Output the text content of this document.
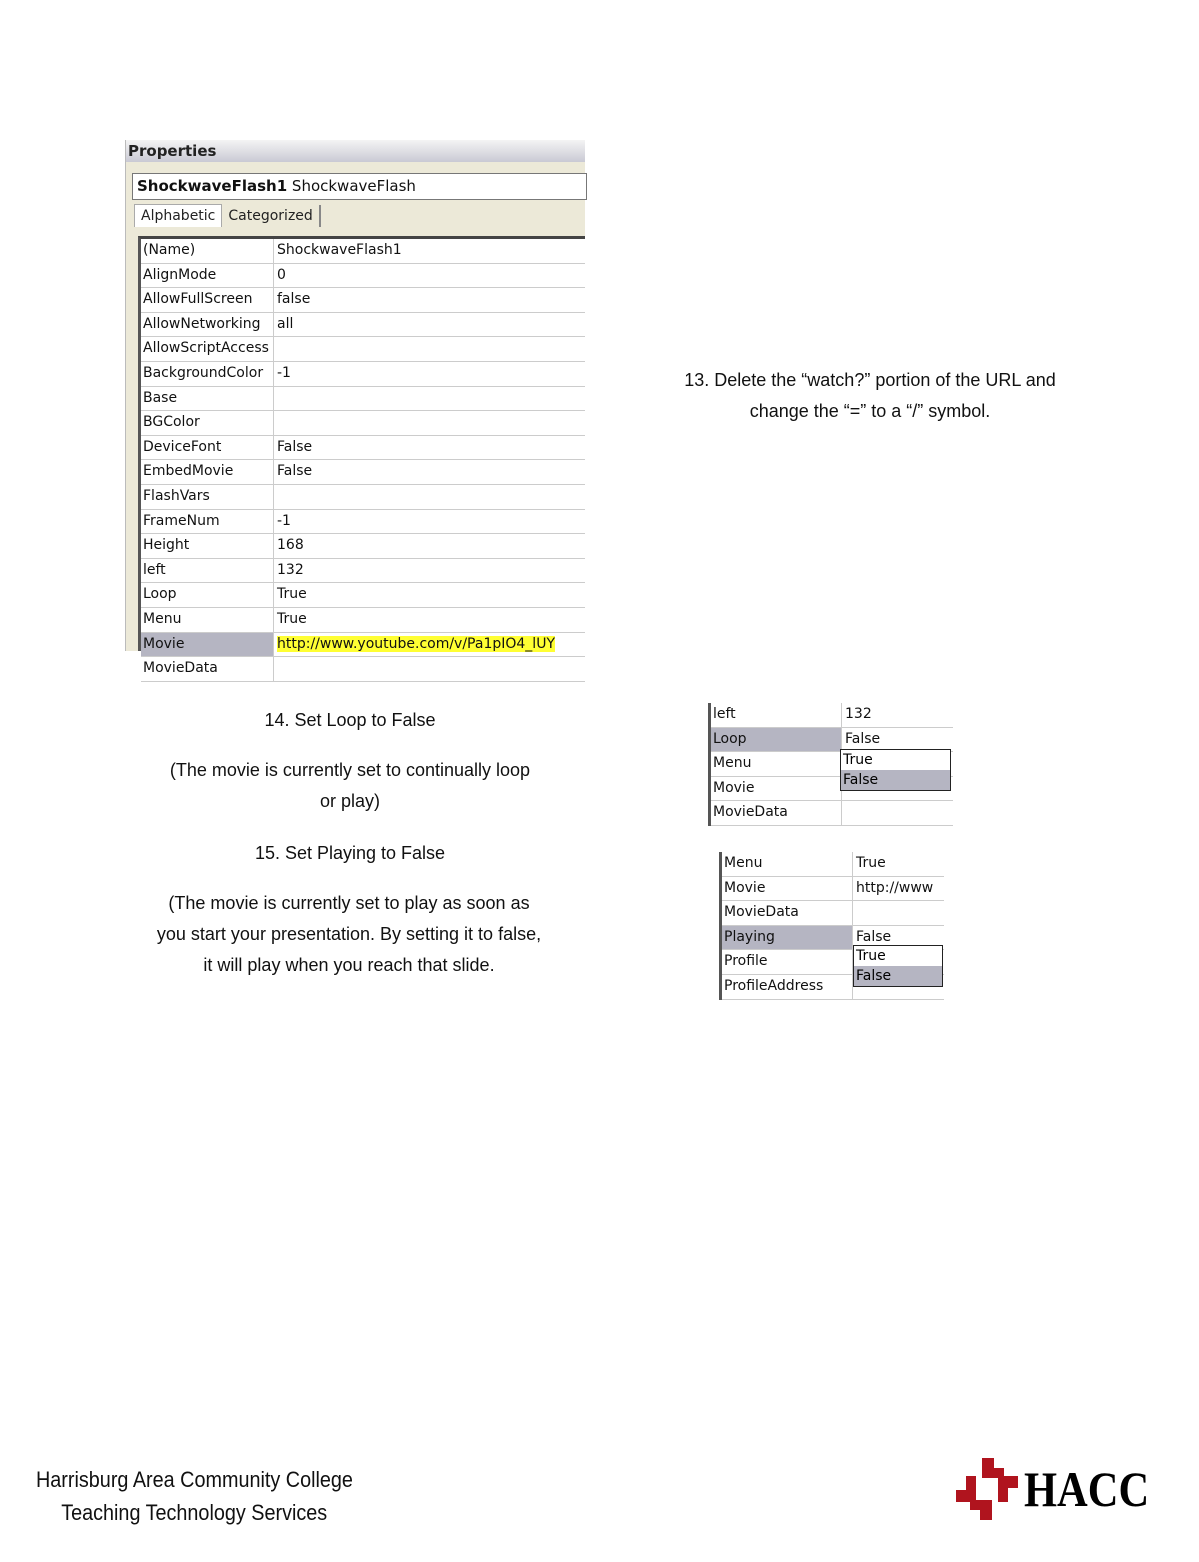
Properties
ShockwaveFlash1 ShockwaveFlash
Alphabetic Categorized
(Name)	ShockwaveFlash1
AlignMode	0
AllowFullScreen	false
AllowNetworking	all
AllowScriptAccess
BackgroundColor -1
Base
BGColor
DeviceFont	False
EmbedMovie	False
FlashVars
FrameNum	-1
Height	168
left	132
Loop	True
Menu	True
Movie	http://www.youtube.com/v/Pa1pIO4_lUY
MovieData
13. Delete the “watch?” portion of the URL and
change the “=” to a “/” symbol.
14. Set Loop to False
(The movie is currently set to continually loop or play)
15. Set Playing to False
(The movie is currently set to play as soon as you start your presentation. By setting it to false, it will play when you reach that slide.
left	132
Loop	False
Menu
Movie
MovieData
True
False
Menu	True
Movie	http://www
MovieData
Playing	False
Profile
ProfileAddress
True
False
Harrisburg Area Community College
Teaching Technology Services	HACC
